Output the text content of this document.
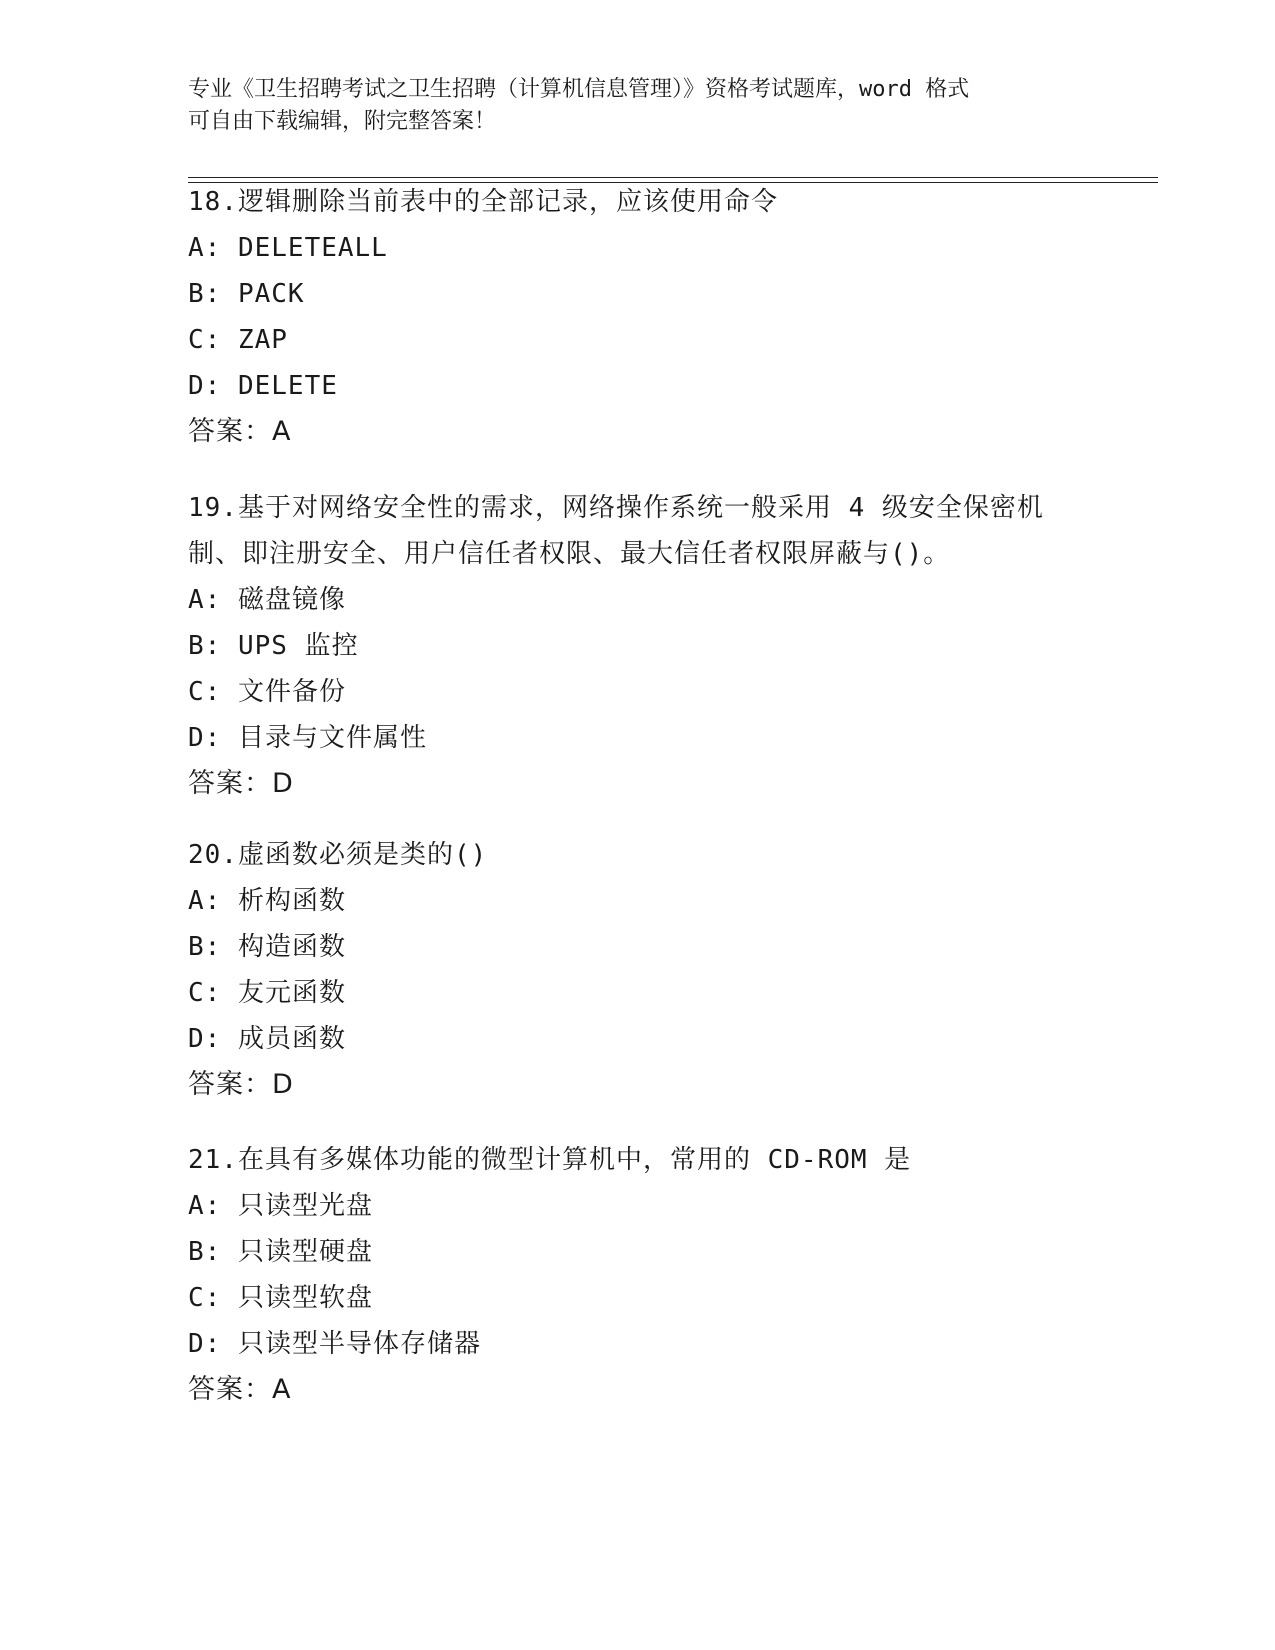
专业《卫生招聘考试之卫生招聘（计算机信息管理）》资格考试题库，word 格式
可自由下载编辑，附完整答案！
18.逻辑删除当前表中的全部记录，应该使用命令
A: DELETEALL
B: PACK
C: ZAP
D: DELETE
答案：A
19.基于对网络安全性的需求，网络操作系统一般采用 4 级安全保密机
制、即注册安全、用户信任者权限、最大信任者权限屏蔽与()。
A: 磁盘镜像
B: UPS 监控
C: 文件备份
D: 目录与文件属性
答案：D
20.虚函数必须是类的()
A: 析构函数
B: 构造函数
C: 友元函数
D: 成员函数
答案：D
21.在具有多媒体功能的微型计算机中，常用的 CD-ROM 是
A: 只读型光盘
B: 只读型硬盘
C: 只读型软盘
D: 只读型半导体存储器
答案：A
